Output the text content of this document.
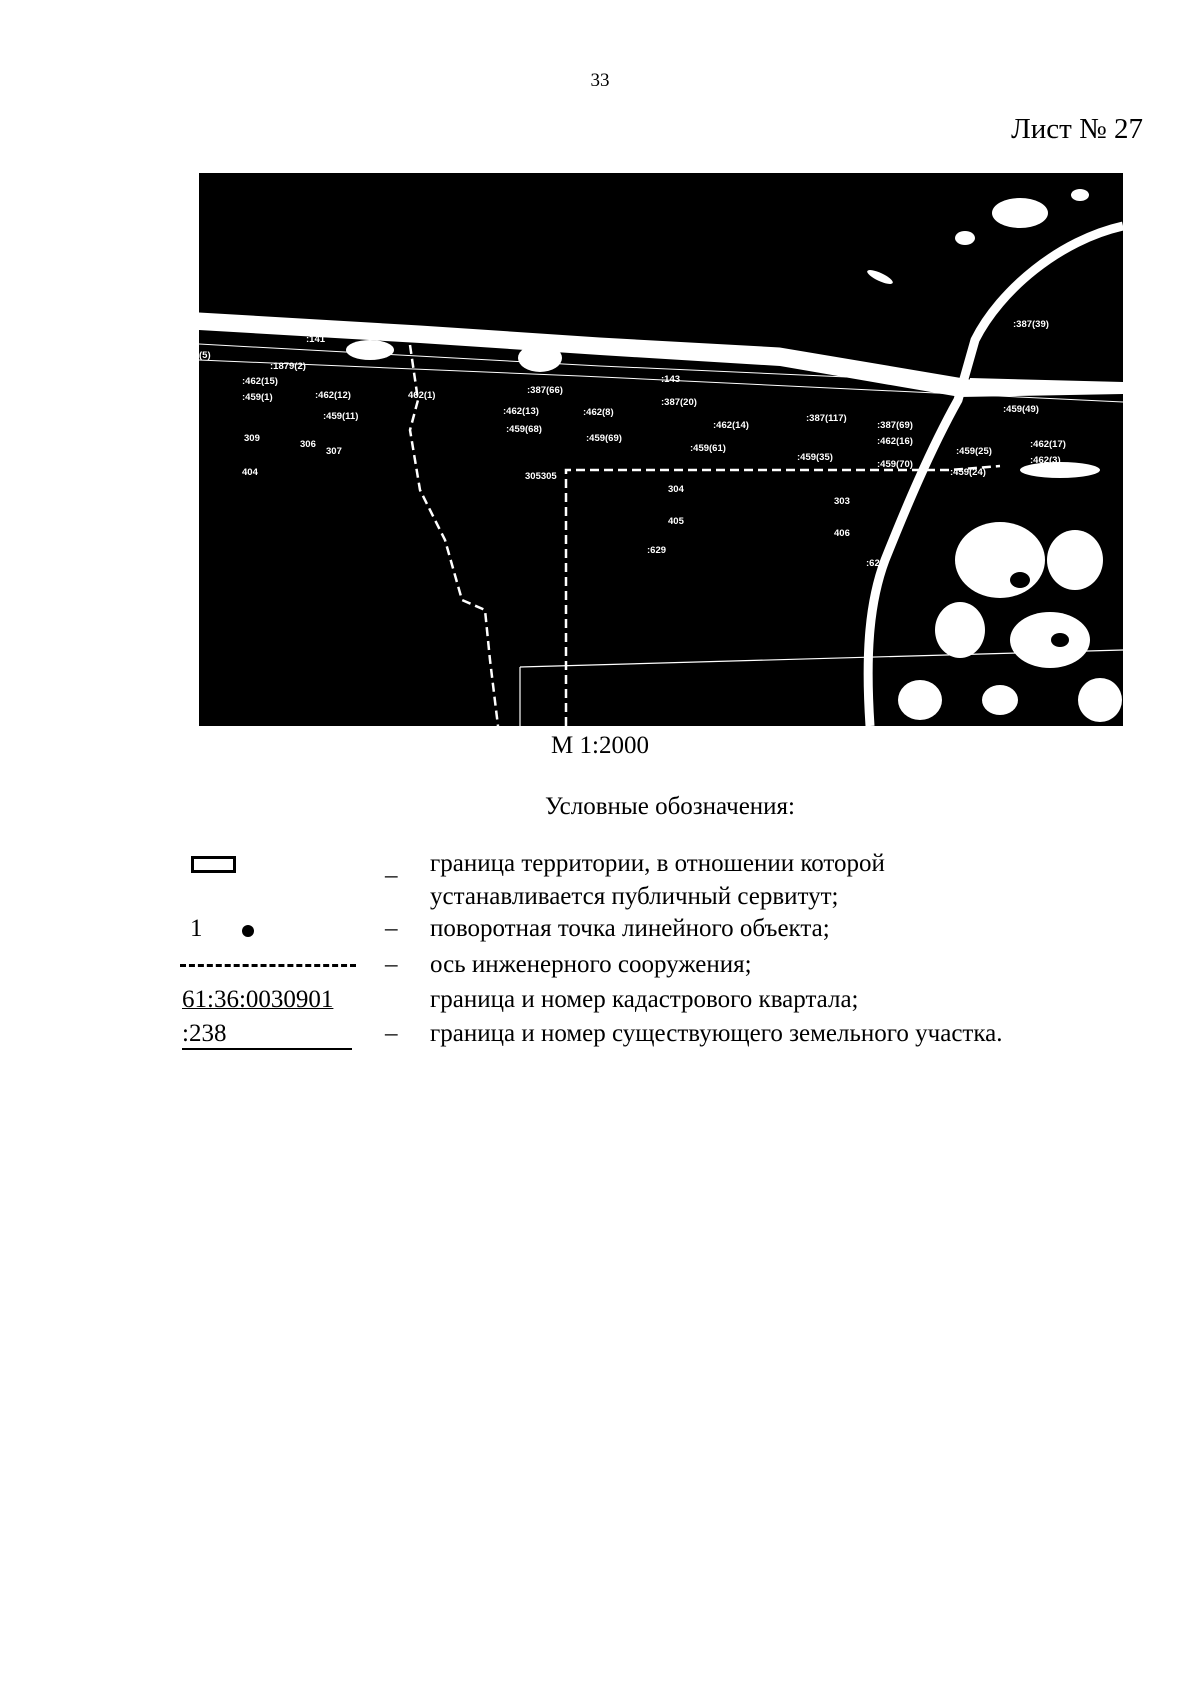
33
Лист № 27
:387(39)
:141
(5)
:1879(2)
:462(15)
:459(1)	:462(12)
:459(11)
462(1)	:387(66)
:143
:387(20)
:462(13)	:462(8)
:459(68)
:459(69)
:462(14)
:459(61)
:387(117)
:387(69)
:462(16)
:459(35)
:459(70)
:459(49)
:459(25)
:462(17)
:462(3)
:459(24)
309
306
307
404	305305
304
405
:629
303
406
:628
М 1:2000
Условные обозначения:
– граница территории, в отношении которой
устанавливается публичный сервитут;
1	– поворотная точка линейного объекта;
– ось инженерного сооружения;
61:36:0030901	граница и номер кадастрового квартала;
:238	– граница и номер существующего земельного участка.
